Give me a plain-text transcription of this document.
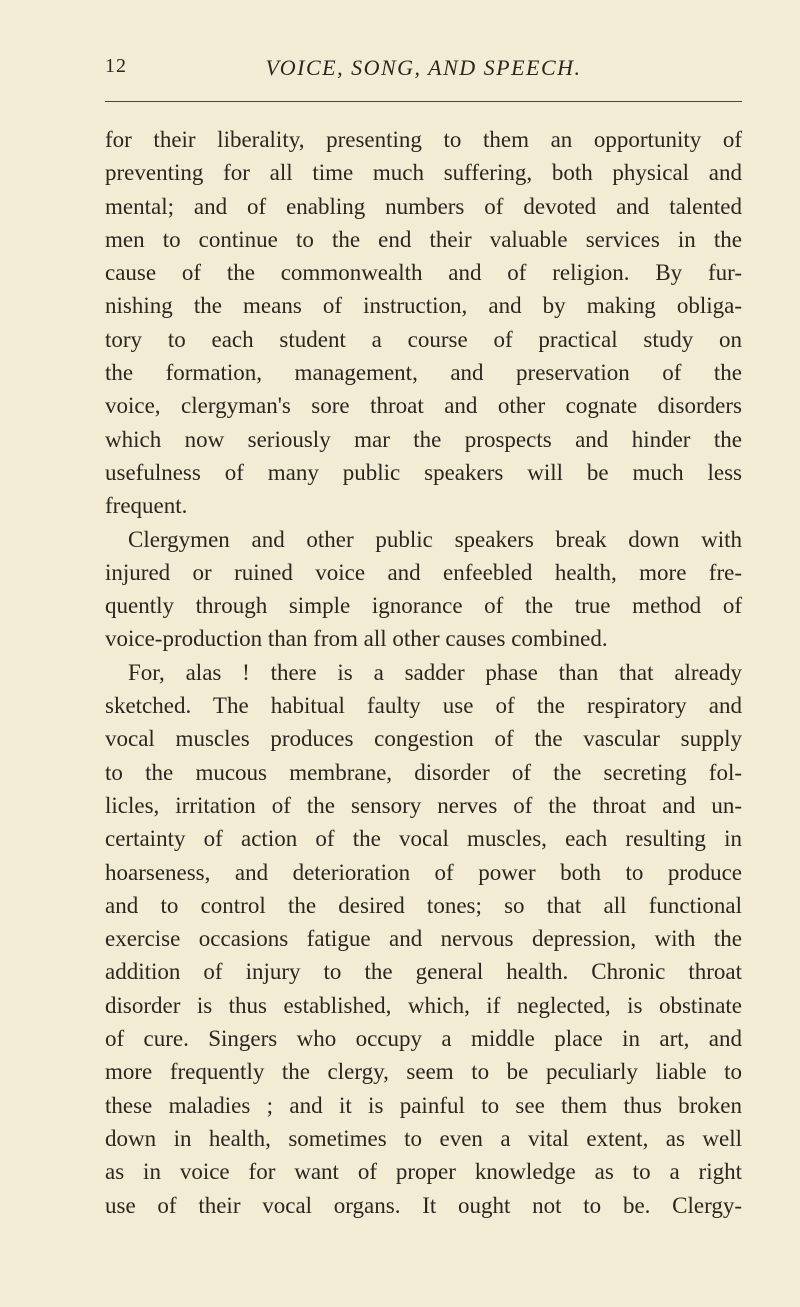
12	VOICE, SONG, AND SPEECH.
for their liberality, presenting to them an opportunity of
preventing for all time much suffering, both physical and
mental; and of enabling numbers of devoted and talented
men to continue to the end their valuable services in the
cause of the commonwealth and of religion. By fur-
nishing the means of instruction, and by making obliga-
tory to each student a course of practical study on
the formation, management, and preservation of the
voice, clergyman's sore throat and other cognate disorders
which now seriously mar the prospects and hinder the
usefulness of many public speakers will be much less
frequent.
Clergymen and other public speakers break down with
injured or ruined voice and enfeebled health, more fre-
quently through simple ignorance of the true method of
voice-production than from all other causes combined.
For, alas ! there is a sadder phase than that already
sketched. The habitual faulty use of the respiratory and
vocal muscles produces congestion of the vascular supply
to the mucous membrane, disorder of the secreting fol-
licles, irritation of the sensory nerves of the throat and un-
certainty of action of the vocal muscles, each resulting in
hoarseness, and deterioration of power both to produce
and to control the desired tones; so that all functional
exercise occasions fatigue and nervous depression, with the
addition of injury to the general health. Chronic throat
disorder is thus established, which, if neglected, is obstinate
of cure. Singers who occupy a middle place in art, and
more frequently the clergy, seem to be peculiarly liable to
these maladies ; and it is painful to see them thus broken
down in health, sometimes to even a vital extent, as well
as in voice for want of proper knowledge as to a right
use of their vocal organs. It ought not to be. Clergy-
